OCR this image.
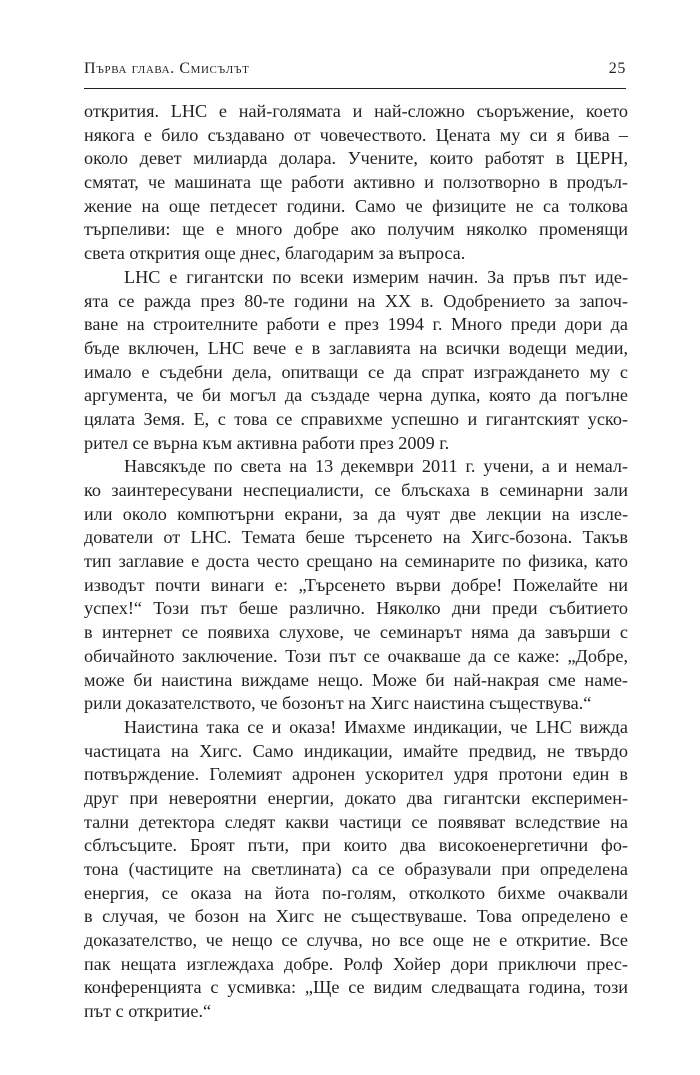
Първа глава. Смисълът	25
открития. LHC е най-голямата и най-сложно съоръжение, което
някога е било създавано от човечеството. Цената му си я бива –
около девет милиарда долара. Учените, които работят в ЦЕРН,
смятат, че машината ще работи активно и ползотворно в продъл-
жение на още петдесет години. Само че физиците не са толкова
търпеливи: ще е много добре ако получим няколко променящи
света открития още днес, благодарим за въпроса.
LHC е гигантски по всеки измерим начин. За пръв път иде-
ята се ражда през 80-те години на XX в. Одобрението за започ-
ване на строителните работи е през 1994 г. Много преди дори да
бъде включен, LHC вече е в заглавията на всички водещи медии,
имало е съдебни дела, опитващи се да спрат изграждането му с
аргумента, че би могъл да създаде черна дупка, която да погълне
цялата Земя. Е, с това се справихме успешно и гигантският уско-
рител се върна към активна работи през 2009 г.
Навсякъде по света на 13 декември 2011 г. учени, а и немал-
ко заинтересувани неспециалисти, се блъскаха в семинарни зали
или около компютърни екрани, за да чуят две лекции на изсле-
дователи от LHC. Темата беше търсенето на Хигс-бозона. Такъв
тип заглавие е доста често срещано на семинарите по физика, като
изводът почти винаги е: „Търсенето върви добре! Пожелайте ни
успех!“ Този път беше различно. Няколко дни преди събитието
в интернет се появиха слухове, че семинарът няма да завърши с
обичайното заключение. Този път се очакваше да се каже: „Добре,
може би наистина виждаме нещо. Може би най-накрая сме наме-
рили доказателството, че бозонът на Хигс наистина съществува.“
Наистина така се и оказа! Имахме индикации, че LHC вижда
частицата на Хигс. Само индикации, имайте предвид, не твърдо
потвърждение. Големият адронен ускорител удря протони един в
друг при невероятни енергии, докато два гигантски експеримен-
тални детектора следят какви частици се появяват вследствие на
сблъсъците. Броят пъти, при които два високоенергетични фо-
тона (частиците на светлината) са се образували при определена
енергия, се оказа на йота по-голям, отколкото бихме очаквали
в случая, че бозон на Хигс не съществуваше. Това определено е
доказателство, че нещо се случва, но все още не е откритие. Все
пак нещата изглеждаха добре. Ролф Хойер дори приключи прес-
конференцията с усмивка: „Ще се видим следващата година, този
път с откритие.“
